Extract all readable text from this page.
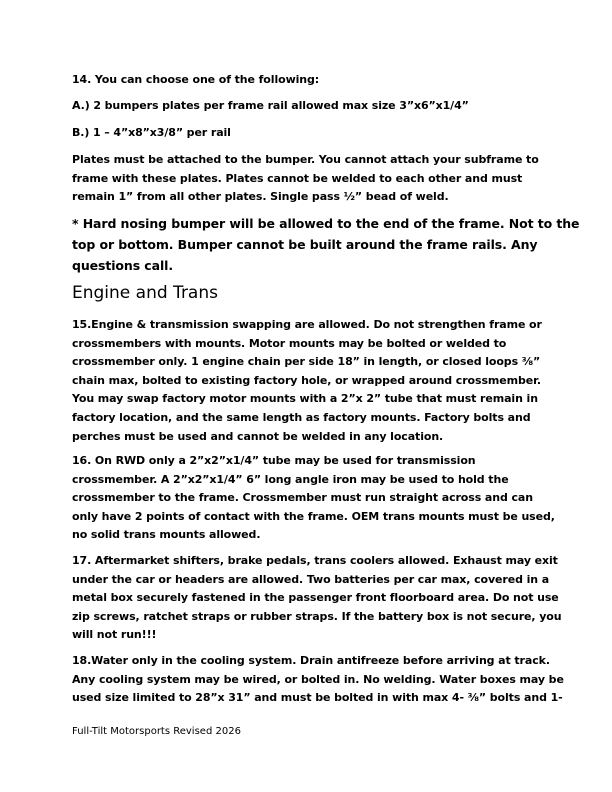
14. You can choose one of the following:
A.) 2 bumpers plates per frame rail allowed max size 3”x6”x1/4”
B.) 1 – 4”x8”x3/8” per rail
Plates must be attached to the bumper. You cannot attach your subframe to
frame with these plates. Plates cannot be welded to each other and must
remain 1” from all other plates. Single pass ½” bead of weld.
* Hard nosing bumper will be allowed to the end of the frame. Not to the
top or bottom. Bumper cannot be built around the frame rails. Any
questions call.
Engine and Trans
15.Engine & transmission swapping are allowed. Do not strengthen frame or
crossmembers with mounts. Motor mounts may be bolted or welded to
crossmember only. 1 engine chain per side 18” in length, or closed loops ⅜”
chain max, bolted to existing factory hole, or wrapped around crossmember.
You may swap factory motor mounts with a 2”x 2” tube that must remain in
factory location, and the same length as factory mounts. Factory bolts and
perches must be used and cannot be welded in any location.
16. On RWD only a 2”x2”x1/4” tube may be used for transmission
crossmember. A 2”x2”x1/4” 6” long angle iron may be used to hold the
crossmember to the frame. Crossmember must run straight across and can
only have 2 points of contact with the frame. OEM trans mounts must be used,
no solid trans mounts allowed.
17. Aftermarket shifters, brake pedals, trans coolers allowed. Exhaust may exit
under the car or headers are allowed. Two batteries per car max, covered in a
metal box securely fastened in the passenger front floorboard area. Do not use
zip screws, ratchet straps or rubber straps. If the battery box is not secure, you
will not run!!!
18.Water only in the cooling system. Drain antifreeze before arriving at track.
Any cooling system may be wired, or bolted in. No welding. Water boxes may be
used size limited to 28”x 31” and must be bolted in with max 4- ⅜” bolts and 1-
Full-Tilt Motorsports Revised 2026
